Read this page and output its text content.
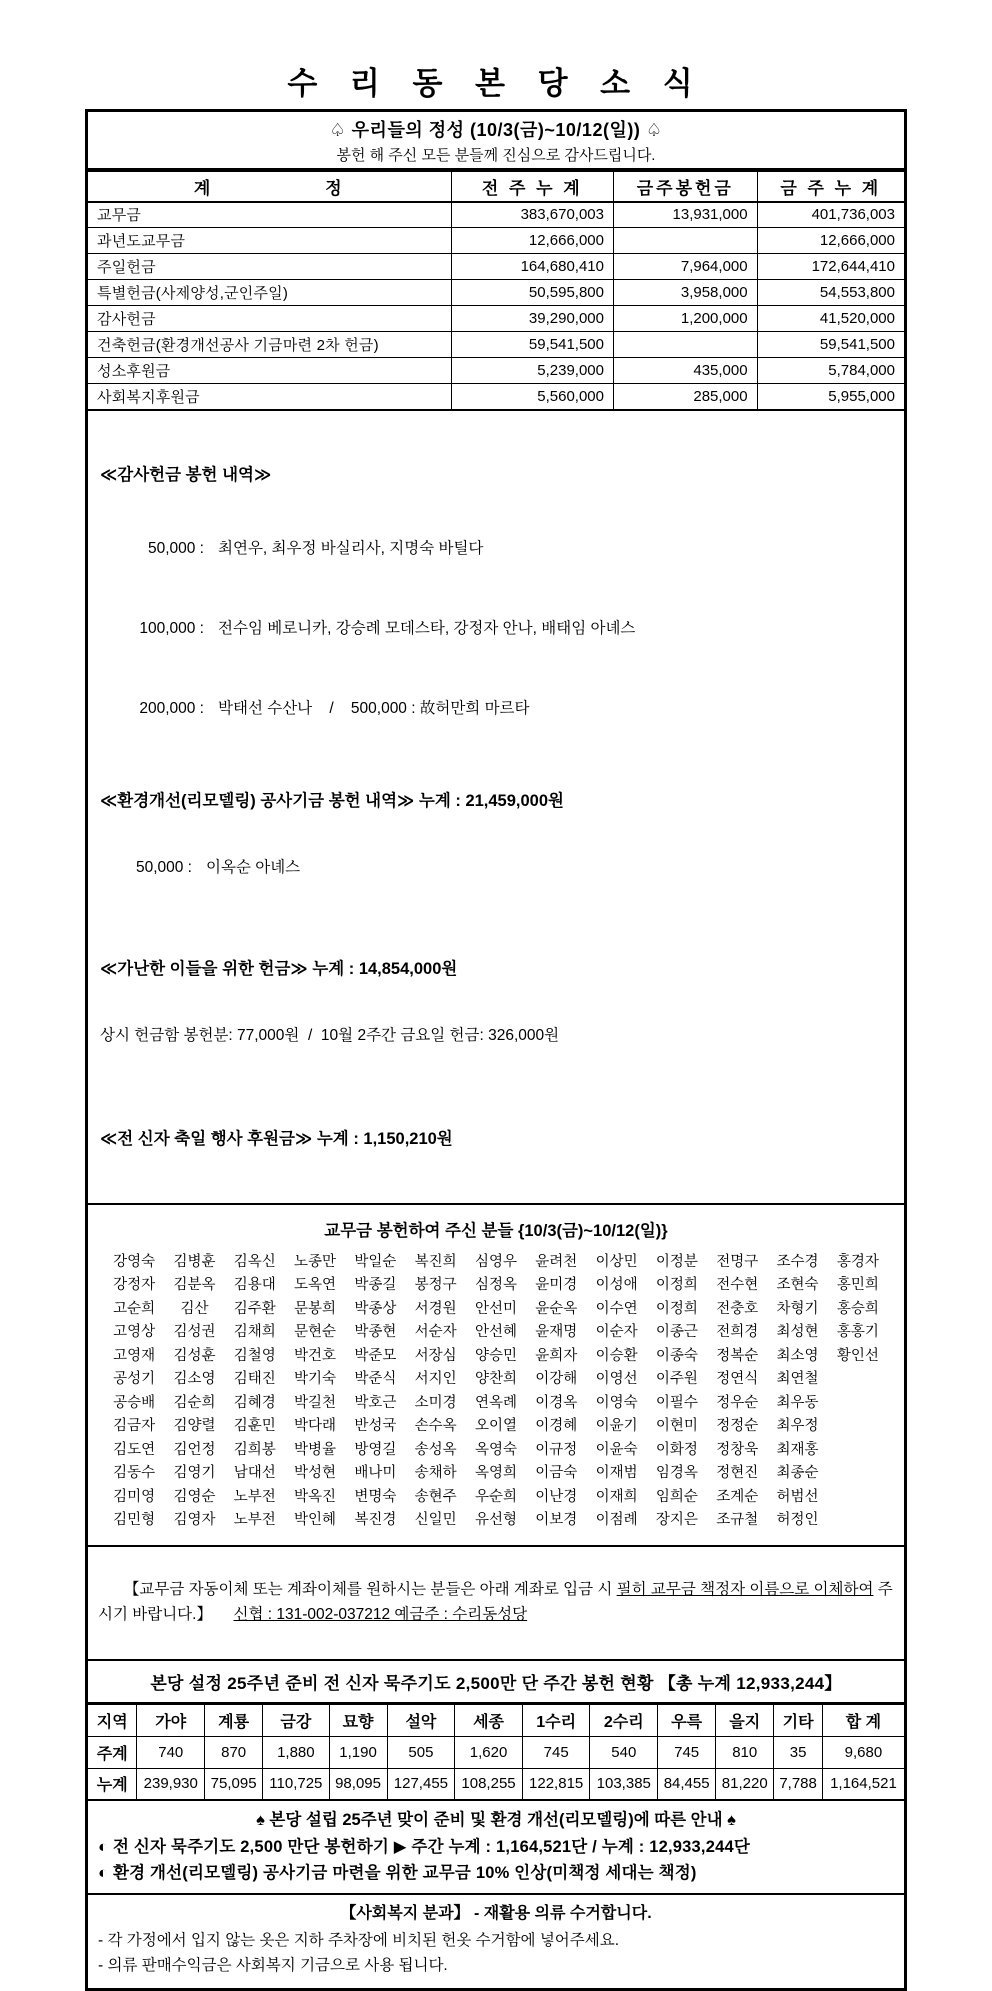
수 리 동 본 당 소 식
♤ 우리들의 정성 (10/3(금)~10/12(일)) ♤
봉헌 해 주신 모든 분들께 진심으로 감사드립니다.
계 정	전 주 누 계	금주봉헌금	금 주 누 계
교무금	383,670,003	13,931,000	401,736,003
과년도교무금	12,666,000		12,666,000
주일헌금	164,680,410	7,964,000	172,644,410
특별헌금(사제양성,군인주일)	50,595,800	3,958,000	54,553,800
감사헌금	39,290,000	1,200,000	41,520,000
건축헌금(환경개선공사 기금마련 2차 헌금)	59,541,500		59,541,500
성소후원금	5,239,000	435,000	5,784,000
사회복지후원금	5,560,000	285,000	5,955,000

≪감사헌금 봉헌 내역≫

50,000 : 최연우, 최우정 바실리사, 지명숙 바틸다

100,000 : 전수임 베로니카, 강승례 모데스타, 강정자 안나, 배태임 아녜스

200,000 : 박태선 수산나    /    500,000 : 故허만희 마르타

≪환경개선(리모델링) 공사기금 봉헌 내역≫ 누계 : 21,459,000원

50,000 : 이옥순 아녜스

≪가난한 이들을 위한 헌금≫ 누계 : 14,854,000원

상시 헌금함 봉헌분: 77,000원  /  10월 2주간 금요일 헌금: 326,000원

≪전 신자 축일 행사 후원금≫ 누계 : 1,150,210원

교무금 봉헌하여 주신 분들 {10/3(금)~10/12(일)}
강영숙	김병훈	김옥신	노종만	박일순	복진희	심영우	윤려천	이상민	이정분	전명구	조수경	홍경자
강정자	김분옥	김용대	도옥연	박종길	봉정구	심정옥	윤미경	이성애	이정희	전수현	조현숙	홍민희
고순희	김산	김주환	문봉희	박종상	서경원	안선미	윤순옥	이수연	이정희	전충호	차형기	홍승희
고영상	김성권	김채희	문현순	박종현	서순자	안선혜	윤재명	이순자	이종근	전희경	최성현	홍홍기
고영재	김성훈	김철영	박건호	박준모	서장심	양승민	윤희자	이승환	이종숙	정복순	최소영	황인선
공성기	김소영	김태진	박기숙	박준식	서지인	양찬희	이강해	이영선	이주원	정연식	최연철
공승배	김순희	김혜경	박길천	박호근	소미경	연옥례	이경옥	이영숙	이필수	정우순	최우동
김금자	김양렬	김훈민	박다래	반성국	손수옥	오이열	이경혜	이윤기	이현미	정정순	최우정
김도연	김언정	김희봉	박병율	방영길	송성옥	옥영숙	이규정	이윤숙	이화정	정창욱	최재홍
김동수	김영기	남대선	박성현	배나미	송채하	옥영희	이금숙	이재범	임경옥	정현진	최종순
김미영	김영순	노부전	박옥진	변명숙	송현주	우순희	이난경	이재희	임희순	조계순	허범선
김민형	김영자	노부전	박인혜	복진경	신일민	유선형	이보경	이점례	장지은	조규철	허정인

【교무금 자동이체 또는 계좌이체를 원하시는 분들은 아래 계좌로 입금 시 필히 교무금 책정자 이름으로 이체하여 주시기 바랍니다.】     신협 : 131-002-037212 예금주 : 수리동성당

본당 설정 25주년 준비 전 신자 묵주기도 2,500만 단 주간 봉헌 현황 【총 누계 12,933,244】
지역	가야	계룡	금강	묘향	설악	세종	1수리	2수리	우륵	을지	기타	합 계
주계	740	870	1,880	1,190	505	1,620	745	540	745	810	35	9,680
누계	239,930	75,095	110,725	98,095	127,455	108,255	122,815	103,385	84,455	81,220	7,788	1,164,521
♠ 본당 설립 25주년 맞이 준비 및 환경 개선(리모델링)에 따른 안내 ♠
◐ 전 신자 묵주기도 2,500 만단 봉헌하기 ▶ 주간 누계 : 1,164,521단 / 누계 : 12,933,244단
◐ 환경 개선(리모델링) 공사기금 마련을 위한 교무금 10% 인상(미책정 세대는 책정)
【사회복지 분과】 - 재활용 의류 수거합니다.
- 각 가정에서 입지 않는 옷은 지하 주차장에 비치된 헌옷 수거함에 넣어주세요.
- 의류 판매수익금은 사회복지 기금으로 사용 됩니다.
